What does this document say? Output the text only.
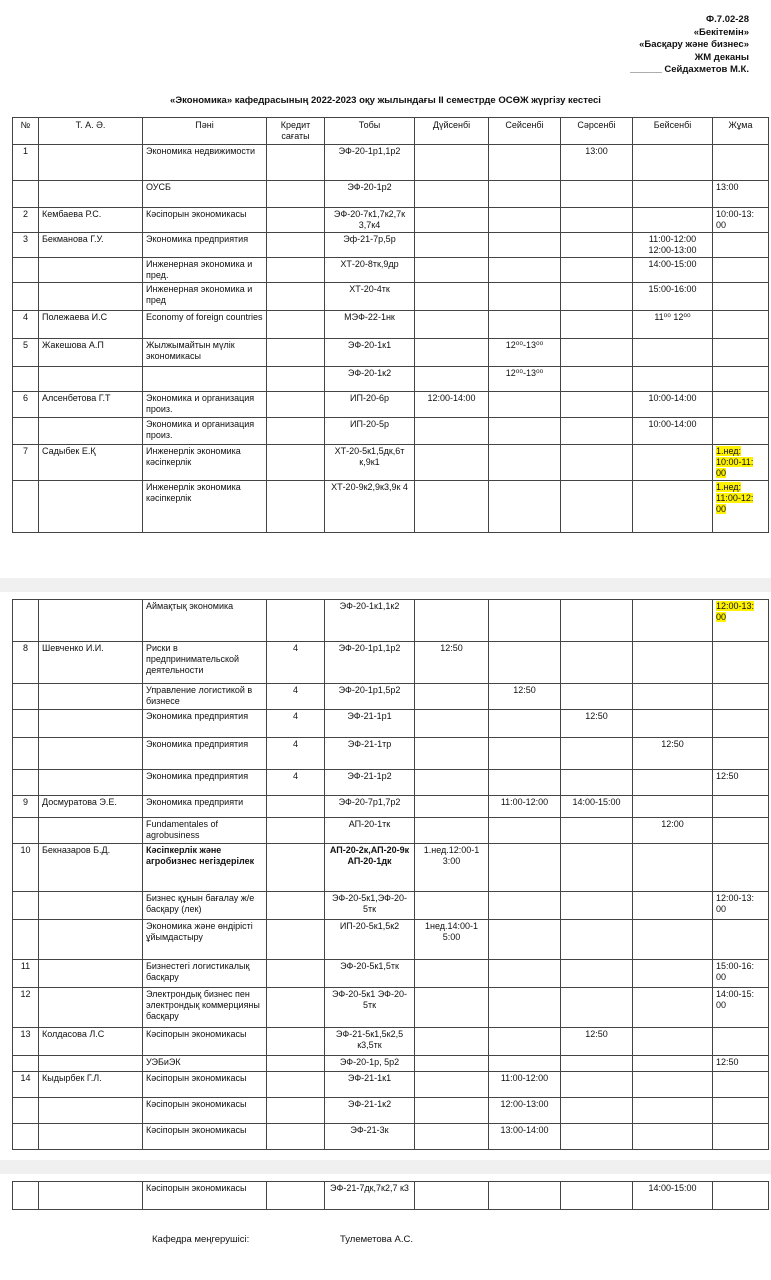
Ф.7.02-28
«Бекітемін»
«Басқару және бизнес»
ЖМ деканы
______ Сейдахметов М.К.
«Экономика» кафедрасының 2022-2023 оқу жылындағы II семестрде ОСӨЖ жүргізу кестесі
№	Т. А. Ә.	Пәні	Кредит сағаты	Тобы	Дүйсенбі	Сейсенбі	Сәрсенбі	Бейсенбі	Жұма
1		Экономика недвижимости		ЭФ-20-1р1,1р2			13:00		
		ОУСБ		ЭФ-20-1р2					13:00
2	Кембаева Р.С.	Кәсіпорын экономикасы		ЭФ-20-7к1,7к2,7к 3,7к4					10:00-13: 00
3	Бекманова Г.У.	Экономика предприятия		Эф-21-7р,5р				11:00-12:00 12:00-13:00	
		Инженерная экономика и пред.		ХТ-20-8тк,9др				14:00-15:00	
		Инженерная экономика и пред		ХТ-20-4тк				15:00-16:00	
4	Полежаева И.С	Economy of foreign countries		МЭФ-22-1нк				11⁰⁰ 12⁰⁰	
5	Жакешова А.П	Жылжымайтын мүлік экономикасы		ЭФ-20-1к1		12⁰⁰-13⁰⁰			
				ЭФ-20-1к2		12⁰⁰-13⁰⁰			
6	Алсенбетова Г.Т	Экономика и организация произ.		ИП-20-6р	12:00-14:00			10:00-14:00	
		Экономика и организация произ.		ИП-20-5р				10:00-14:00	
7	Садыбек Е.Қ	Инженерлік экономика кәсіпкерлік		ХТ-20-5к1,5дк,6т к,9к1					1.нед: 10:00-11: 00
		Инженерлік экономика кәсіпкерлік		ХТ-20-9к2,9к3,9к 4					1.нед: 11:00-12: 00
		Аймақтық экономика		ЭФ-20-1к1,1к2					12:00-13: 00
8	Шевченко И.И.	Риски в предпринимательской деятельности	4	ЭФ-20-1р1,1р2	12:50				
		Управление логистикой в бизнесе	4	ЭФ-20-1р1,5р2		12:50			
		Экономика предприятия	4	ЭФ-21-1р1			12:50		
		Экономика предприятия	4	ЭФ-21-1тр				12:50	
		Экономика предприятия	4	ЭФ-21-1р2					12:50
9	Досмуратова Э.Е.	Экономика предприяти		ЭФ-20-7р1,7р2		11:00-12:00	14:00-15:00		
		Fundamentales of agrobusiness		АП-20-1тк				12:00	
10	Бекназаров Б.Д.	Кәсіпкерлік және агробизнес негіздерілек		АП-20-2к,АП-20-9к АП-20-1дк	1.нед.12:00-1 3:00				
		Бизнес құнын бағалау ж/е басқару (лек)		ЭФ-20-5к1,ЭФ-20-5тк					12:00-13: 00
		Экономика және өндірісті ұйымдастыру		ИП-20-5к1,5к2	1нед.14:00-1 5:00				
11		Бизнестегі логистикалық басқару		ЭФ-20-5к1,5тк					15:00-16: 00
12		Электрондық бизнес пен электрондық коммерцияны басқару		ЭФ-20-5к1 ЭФ-20-5тк					14:00-15: 00
13	Колдасова Л.С	Кәсіпорын экономикасы		ЭФ-21-5к1,5к2,5 к3,5тк			12:50		
		УЭБиЭК		ЭФ-20-1р, 5р2					12:50
14	Кыдырбек Г.Л.	Кәсіпорын экономикасы		ЭФ-21-1к1		11:00-12:00			
		Кәсіпорын экономикасы		ЭФ-21-1к2		12:00-13:00			
		Кәсіпорын экономикасы		ЭФ-21-3к		13:00-14:00			
		Кәсіпорын экономикасы		ЭФ-21-7дк,7к2,7 к3				14:00-15:00	
Кафедра меңгерушісі:	Тулеметова А.С.
